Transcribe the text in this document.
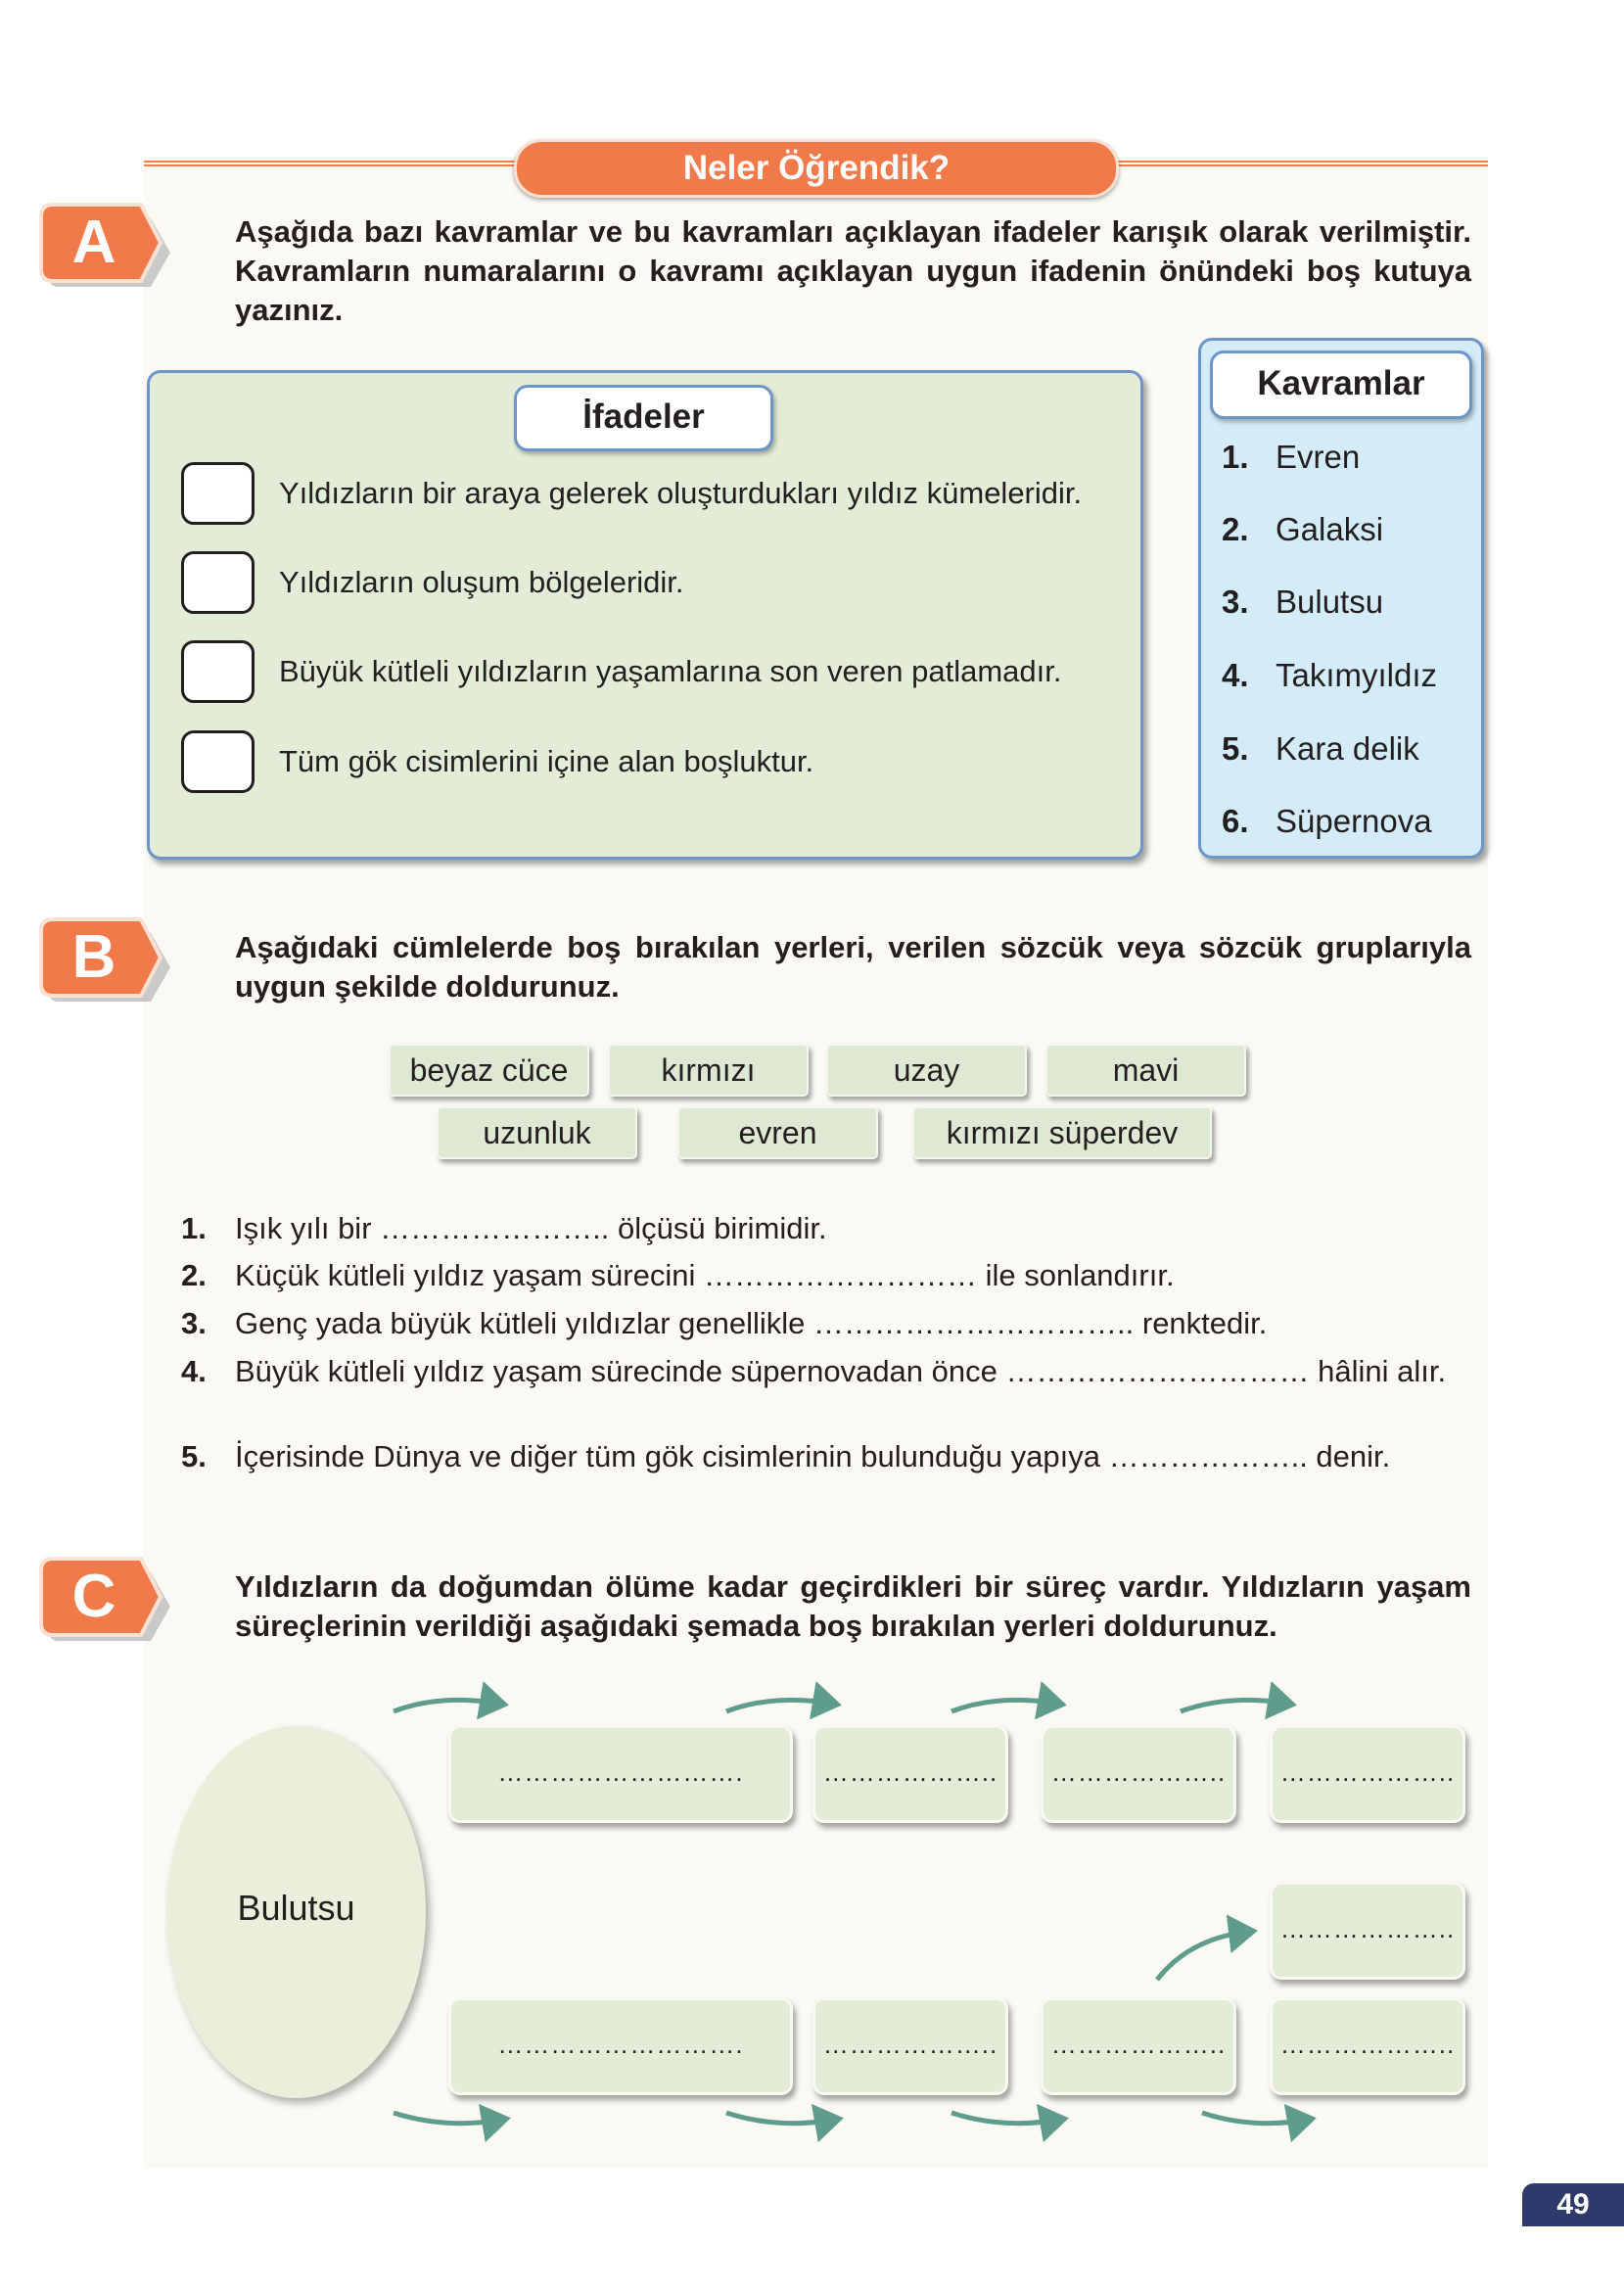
Neler Öğrendik?
A	Aşağıda bazı kavramlar ve bu kavramları açıklayan ifadeler karışık olarak verilmiştir. Kavramların numaralarını o kavramı açıklayan uygun ifadenin önündeki boş kutuya yazınız.
İfadeler
Yıldızların bir araya gelerek oluşturdukları yıldız kümeleridir.
Yıldızların oluşum bölgeleridir.
Büyük kütleli yıldızların yaşamlarına son veren patlamadır.
Tüm gök cisimlerini içine alan boşluktur.
Kavramlar
1. Evren
2. Galaksi
3. Bulutsu
4. Takımyıldız
5. Kara delik
6. Süpernova
B	Aşağıdaki cümlelerde boş bırakılan yerleri, verilen sözcük veya sözcük gruplarıyla uygun şekilde doldurunuz.
beyaz cüce	kırmızı	uzay	mavi
uzunluk	evren	kırmızı süperdev
1. Işık yılı bir ………………….. ölçüsü birimidir.
2. Küçük kütleli yıldız yaşam sürecini ……………………… ile sonlandırır.
3. Genç yada büyük kütleli yıldızlar genellikle ………………………….. renktedir.
4. Büyük kütleli yıldız yaşam sürecinde süpernovadan önce ………………………… hâlini alır.
5. İçerisinde Dünya ve diğer tüm gök cisimlerinin bulunduğu yapıya ……………….. denir.
C	Yıldızların da doğumdan ölüme kadar geçirdikleri bir süreç vardır. Yıldızların yaşam süreçlerinin verildiği aşağıdaki şemada boş bırakılan yerleri doldurunuz.
Bulutsu
……………………….	………………..	………………..	………………..
………………..
……………………….	………………..	………………..	………………..
49
